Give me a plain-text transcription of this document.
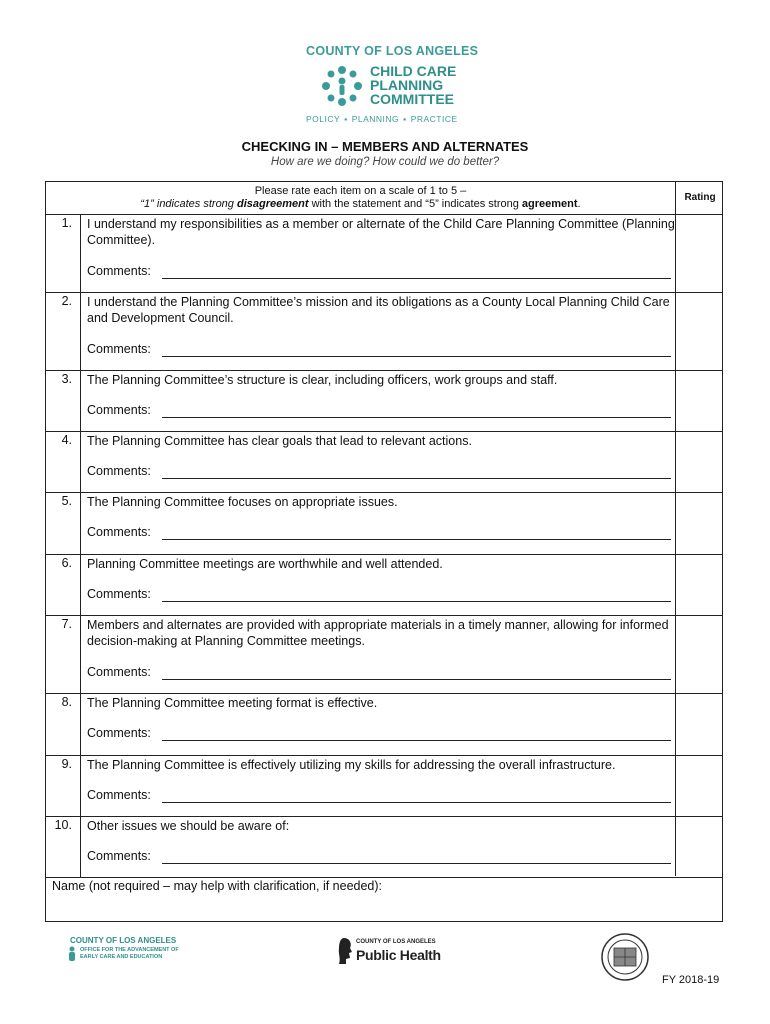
COUNTY OF LOS ANGELES
CHILD CARE
PLANNING
COMMITTEE
POLICY ▪ PLANNING ▪ PRACTICE
CHECKING IN – MEMBERS AND ALTERNATES
How are we doing? How could we do better?
Rating
Please rate each item on a scale of 1 to 5 –
“1” indicates strong disagreement with the statement and “5” indicates strong agreement.
1.	I understand my responsibilities as a member or alternate of the Child Care Planning Committee (Planning Committee).
Comments:
2.	I understand the Planning Committee’s mission and its obligations as a County Local Planning Child Care and Development Council.
Comments:
3.	The Planning Committee’s structure is clear, including officers, work groups and staff.
Comments:
4.	The Planning Committee has clear goals that lead to relevant actions.
Comments:
5.	The Planning Committee focuses on appropriate issues.
Comments:
6.	Planning Committee meetings are worthwhile and well attended.
Comments:
7.	Members and alternates are provided with appropriate materials in a timely manner, allowing for informed decision-making at Planning Committee meetings.
Comments:
8.	The Planning Committee meeting format is effective.
Comments:
9.	The Planning Committee is effectively utilizing my skills for addressing the overall infrastructure.
Comments:
10.	Other issues we should be aware of:
Comments:
Name (not required – may help with clarification, if needed):
COUNTY OF LOS ANGELES
OFFICE FOR THE ADVANCEMENT OF
EARLY CARE AND EDUCATION
COUNTY OF LOS ANGELES
Public Health
FY 2018-19
